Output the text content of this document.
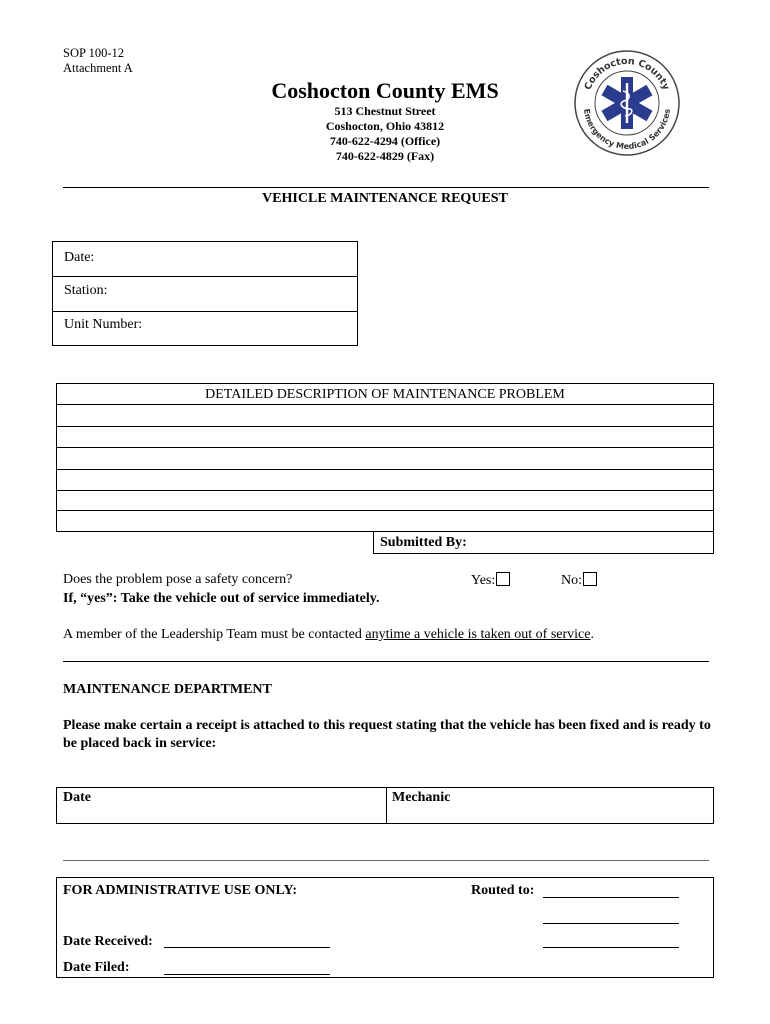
SOP 100-12
Attachment A
Coshocton County EMS
513 Chestnut Street
Coshocton, Ohio 43812
740-622-4294 (Office)
740-622-4829 (Fax)
Coshocton County
Emergency Medical Services
VEHICLE MAINTENANCE REQUEST
Date:
Station:
Unit Number:
DETAILED DESCRIPTION OF MAINTENANCE PROBLEM
Submitted By:
Does the problem pose a safety concern?	Yes:	No:
If, “yes”: Take the vehicle out of service immediately.
A member of the Leadership Team must be contacted anytime a vehicle is taken out of service.
MAINTENANCE DEPARTMENT
Please make certain a receipt is attached to this request stating that the vehicle has been fixed and is ready to be placed back in service:
Date	Mechanic
FOR ADMINISTRATIVE USE ONLY:	Routed to:
Date Received:
Date Filed:
